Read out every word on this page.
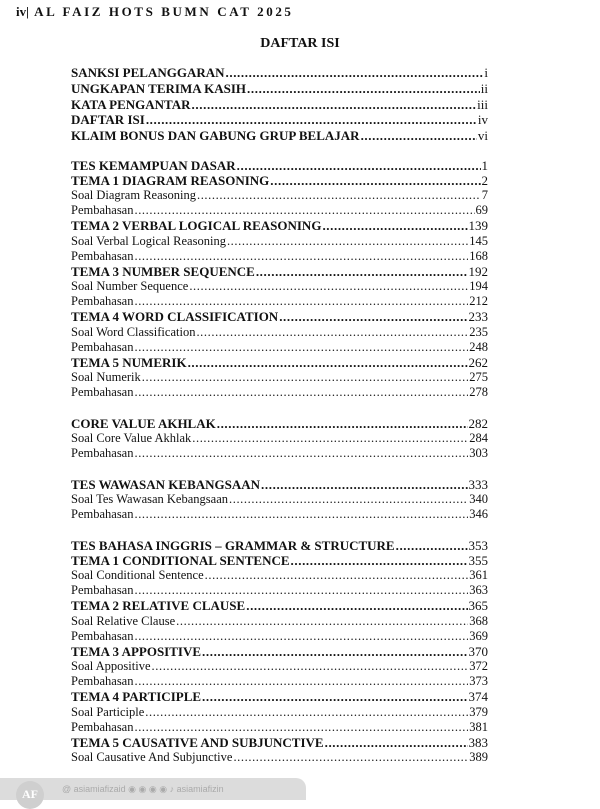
iv| AL FAIZ HOTS BUMN CAT 2025
DAFTAR ISI
SANKSI PELANGGARAN .....	i
UNGKAPAN TERIMA KASIH .....	ii
KATA PENGANTAR .....	iii
DAFTAR ISI .....	iv
KLAIM BONUS DAN GABUNG GRUP BELAJAR .....	vi
TES KEMAMPUAN DASAR .....	1
TEMA 1 DIAGRAM REASONING .....	2
Soal Diagram Reasoning .....	7
Pembahasan .....	69
TEMA 2 VERBAL LOGICAL REASONING .....	139
Soal Verbal Logical Reasoning .....	145
Pembahasan .....	168
TEMA 3 NUMBER SEQUENCE .....	192
Soal Number Sequence .....	194
Pembahasan .....	212
TEMA 4 WORD CLASSIFICATION .....	233
Soal Word Classification .....	235
Pembahasan .....	248
TEMA 5 NUMERIK .....	262
Soal Numerik .....	275
Pembahasan .....	278
CORE VALUE AKHLAK .....	282
Soal Core Value Akhlak .....	284
Pembahasan .....	303
TES WAWASAN KEBANGSAAN .....	333
Soal Tes Wawasan Kebangsaan .....	340
Pembahasan .....	346
TES BAHASA INGGRIS – GRAMMAR & STRUCTURE .....	353
TEMA 1 CONDITIONAL SENTENCE .....	355
Soal Conditional Sentence .....	361
Pembahasan .....	363
TEMA 2 RELATIVE CLAUSE .....	365
Soal Relative Clause .....	368
Pembahasan .....	369
TEMA 3 APPOSITIVE .....	370
Soal Appositive .....	372
Pembahasan .....	373
TEMA 4 PARTICIPLE .....	374
Soal Participle .....	379
Pembahasan .....	381
TEMA 5 CAUSATIVE AND SUBJUNCTIVE .....	383
Soal Causative And Subjunctive .....	389
AF	@ asiamiafizaid ◉ ◉ ◉ ◉ ♪ asiamiafizin
